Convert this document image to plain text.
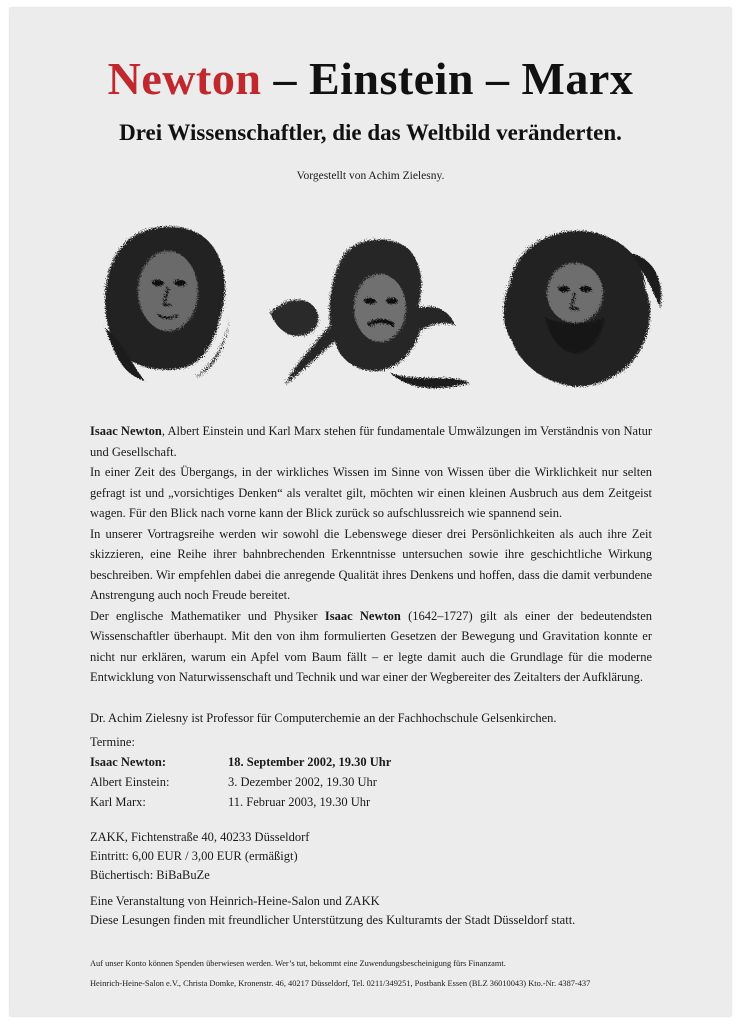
Newton – Einstein – Marx
Drei Wissenschaftler, die das Weltbild veränderten.
Vorgestellt von Achim Zielesny.

Isaac Newton, Albert Einstein und Karl Marx stehen für fundamentale Umwälzungen im Verständnis von Natur und Gesellschaft.

In einer Zeit des Übergangs, in der wirkliches Wissen im Sinne von Wissen über die Wirklichkeit nur selten gefragt ist und „vorsichtiges Denken“ als veraltet gilt, möchten wir einen kleinen Ausbruch aus dem Zeitgeist wagen. Für den Blick nach vorne kann der Blick zurück so aufschlussreich wie spannend sein.

In unserer Vortragsreihe werden wir sowohl die Lebenswege dieser drei Persönlichkeiten als auch ihre Zeit skizzieren, eine Reihe ihrer bahnbrechenden Erkenntnisse untersuchen sowie ihre geschichtliche Wirkung beschreiben. Wir empfehlen dabei die anregende Qualität ihres Denkens und hoffen, dass die damit verbundene Anstrengung auch noch Freude bereitet.

Der englische Mathematiker und Physiker Isaac Newton (1642–1727) gilt als einer der bedeutendsten Wissenschaftler überhaupt. Mit den von ihm formulierten Gesetzen der Bewegung und Gravitation konnte er nicht nur erklären, warum ein Apfel vom Baum fällt – er legte damit auch die Grundlage für die moderne Entwicklung von Naturwissenschaft und Technik und war einer der Wegbereiter des Zeitalters der Aufklärung.

Dr. Achim Zielesny ist Professor für Computerchemie an der Fachhochschule Gelsenkirchen.

Termine:
Isaac Newton:	18. September 2002, 19.30 Uhr
Albert Einstein:	3. Dezember 2002, 19.30 Uhr
Karl Marx:	11. Februar 2003, 19.30 Uhr
ZAKK, Fichtenstraße 40, 40233 Düsseldorf
Eintritt: 6,00 EUR / 3,00 EUR (ermäßigt)
Büchertisch: BiBaBuZe
Eine Veranstaltung von Heinrich-Heine-Salon und ZAKK
Diese Lesungen finden mit freundlicher Unterstützung des Kulturamts der Stadt Düsseldorf statt.
Auf unser Konto können Spenden überwiesen werden. Wer’s tut, bekommt eine Zuwendungsbescheinigung fürs Finanzamt.
Heinrich-Heine-Salon e.V., Christa Domke, Kronenstr. 46, 40217 Düsseldorf, Tel. 0211/349251, Postbank Essen (BLZ 36010043) Kto.-Nr. 4387-437
